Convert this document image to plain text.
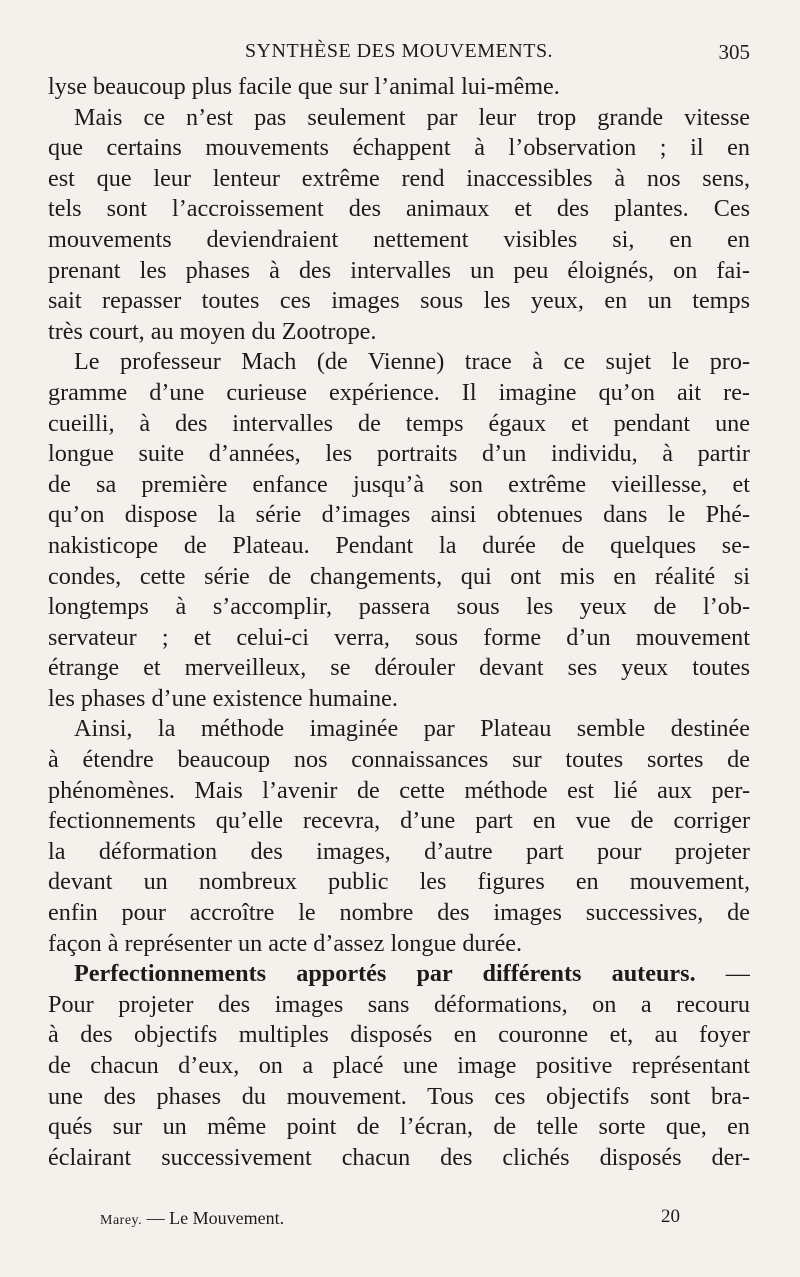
SYNTHÈSE DES MOUVEMENTS.	305
lyse beaucoup plus facile que sur l’animal lui-même.
Mais ce n’est pas seulement par leur trop grande vitesse
que certains mouvements échappent à l’observation ; il en
est que leur lenteur extrême rend inaccessibles à nos sens,
tels sont l’accroissement des animaux et des plantes. Ces
mouvements deviendraient nettement visibles si, en en
prenant les phases à des intervalles un peu éloignés, on fai-
sait repasser toutes ces images sous les yeux, en un temps
très court, au moyen du Zootrope.
Le professeur Mach (de Vienne) trace à ce sujet le pro-
gramme d’une curieuse expérience. Il imagine qu’on ait re-
cueilli, à des intervalles de temps égaux et pendant une
longue suite d’années, les portraits d’un individu, à partir
de sa première enfance jusqu’à son extrême vieillesse, et
qu’on dispose la série d’images ainsi obtenues dans le Phé-
nakisticope de Plateau. Pendant la durée de quelques se-
condes, cette série de changements, qui ont mis en réalité si
longtemps à s’accomplir, passera sous les yeux de l’ob-
servateur ; et celui-ci verra, sous forme d’un mouvement
étrange et merveilleux, se dérouler devant ses yeux toutes
les phases d’une existence humaine.
Ainsi, la méthode imaginée par Plateau semble destinée
à étendre beaucoup nos connaissances sur toutes sortes de
phénomènes. Mais l’avenir de cette méthode est lié aux per-
fectionnements qu’elle recevra, d’une part en vue de corriger
la déformation des images, d’autre part pour projeter
devant un nombreux public les figures en mouvement,
enfin pour accroître le nombre des images successives, de
façon à représenter un acte d’assez longue durée.
Perfectionnements apportés par différents auteurs. —
Pour projeter des images sans déformations, on a recouru
à des objectifs multiples disposés en couronne et, au foyer
de chacun d’eux, on a placé une image positive représentant
une des phases du mouvement. Tous ces objectifs sont bra-
qués sur un même point de l’écran, de telle sorte que, en
éclairant successivement chacun des clichés disposés der-
Marey. — Le Mouvement.	20
